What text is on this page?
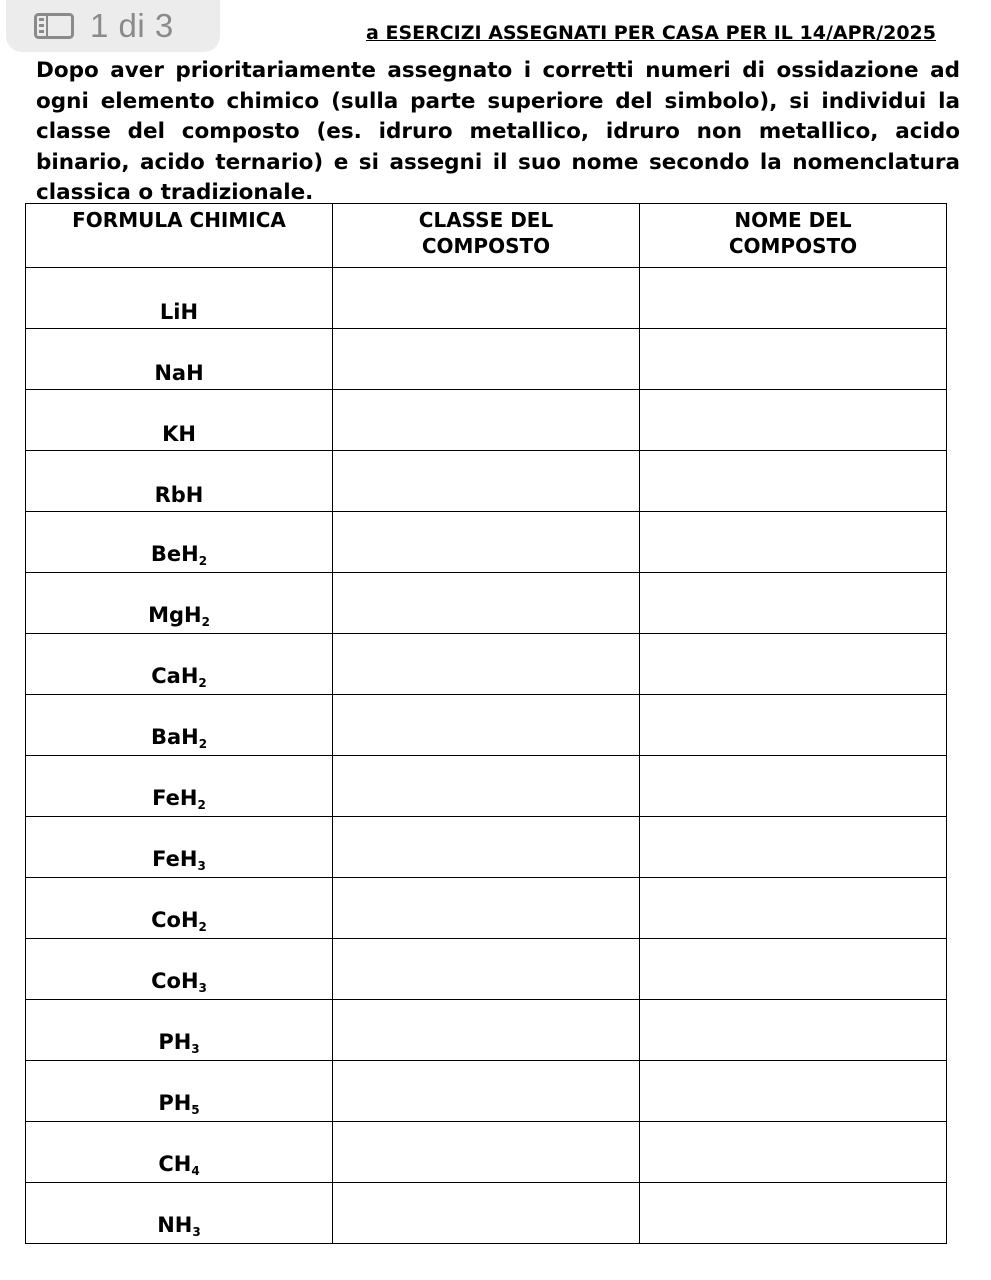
1 di 3	a ESERCIZI ASSEGNATI PER CASA PER IL 14/APR/2025

Dopo aver prioritariamente assegnato i corretti numeri di ossidazione ad ogni elemento chimico (sulla parte superiore del simbolo), si individui la classe del composto (es. idruro metallico, idruro non metallico, acido binario, acido ternario) e si assegni il suo nome secondo la nomenclatura classica o tradizionale.

FORMULA CHIMICA	CLASSE DEL COMPOSTO	NOME DEL COMPOSTO
LiH		
NaH		
KH		
RbH		
BeH$_2$		
MgH$_2$		
CaH$_2$		
BaH$_2$		
FeH$_2$		
FeH$_3$		
CoH$_2$		
CoH$_3$		
$PH_3$		
$PH_5$		
$CH_4$		
$NH_3$		
